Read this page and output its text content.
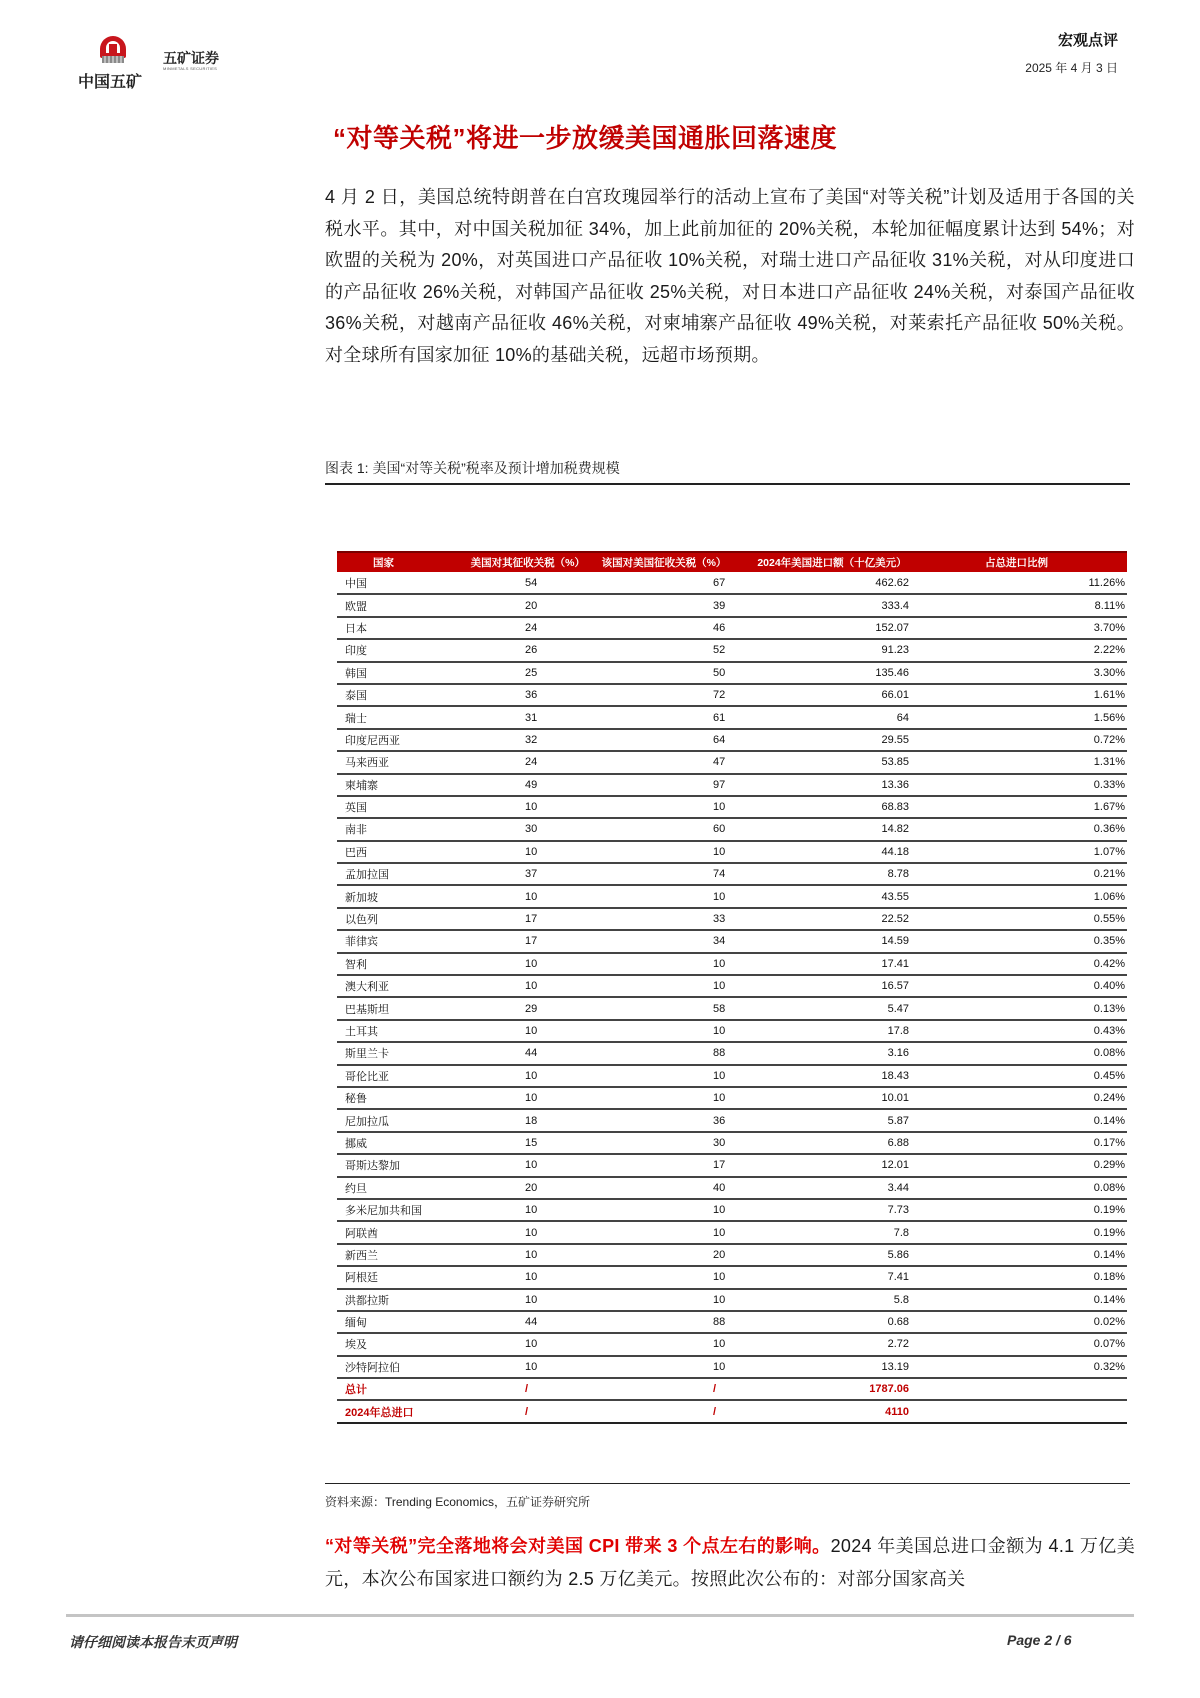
中国五矿
五矿证券
MINMETALS SECURITIES
宏观点评
2025 年 4 月 3 日
“对等关税”将进一步放缓美国通胀回落速度
4 月 2 日，美国总统特朗普在白宫玫瑰园举行的活动上宣布了美国“对等关税”计划及适用于各国的关税水平。其中，对中国关税加征 34%，加上此前加征的 20%关税，本轮加征幅度累计达到 54%；对欧盟的关税为 20%，对英国进口产品征收 10%关税，对瑞士进口产品征收 31%关税，对从印度进口的产品征收 26%关税，对韩国产品征收 25%关税，对日本进口产品征收 24%关税，对泰国产品征收 36%关税，对越南产品征收 46%关税，对柬埔寨产品征收 49%关税，对莱索托产品征收 50%关税。对全球所有国家加征 10%的基础关税，远超市场预期。
图表 1: 美国“对等关税”税率及预计增加税费规模
国家	美国对其征收关税（%）	该国对美国征收关税（%）	2024年美国进口额（十亿美元）	占总进口比例
中国	54	67	462.62	11.26%
欧盟	20	39	333.4	8.11%
日本	24	46	152.07	3.70%
印度	26	52	91.23	2.22%
韩国	25	50	135.46	3.30%
泰国	36	72	66.01	1.61%
瑞士	31	61	64	1.56%
印度尼西亚	32	64	29.55	0.72%
马来西亚	24	47	53.85	1.31%
柬埔寨	49	97	13.36	0.33%
英国	10	10	68.83	1.67%
南非	30	60	14.82	0.36%
巴西	10	10	44.18	1.07%
孟加拉国	37	74	8.78	0.21%
新加坡	10	10	43.55	1.06%
以色列	17	33	22.52	0.55%
菲律宾	17	34	14.59	0.35%
智利	10	10	17.41	0.42%
澳大利亚	10	10	16.57	0.40%
巴基斯坦	29	58	5.47	0.13%
土耳其	10	10	17.8	0.43%
斯里兰卡	44	88	3.16	0.08%
哥伦比亚	10	10	18.43	0.45%
秘鲁	10	10	10.01	0.24%
尼加拉瓜	18	36	5.87	0.14%
挪威	15	30	6.88	0.17%
哥斯达黎加	10	17	12.01	0.29%
约旦	20	40	3.44	0.08%
多米尼加共和国	10	10	7.73	0.19%
阿联酋	10	10	7.8	0.19%
新西兰	10	20	5.86	0.14%
阿根廷	10	10	7.41	0.18%
洪都拉斯	10	10	5.8	0.14%
缅甸	44	88	0.68	0.02%
埃及	10	10	2.72	0.07%
沙特阿拉伯	10	10	13.19	0.32%
总计	/	/	1787.06	
2024年总进口	/	/	4110	
资料来源：Trending Economics，五矿证券研究所
“对等关税”完全落地将会对美国 CPI 带来 3 个点左右的影响。2024 年美国总进口金额为 4.1 万亿美元，本次公布国家进口额约为 2.5 万亿美元。按照此次公布的：对部分国家高关
请仔细阅读本报告末页声明	Page 2 / 6
